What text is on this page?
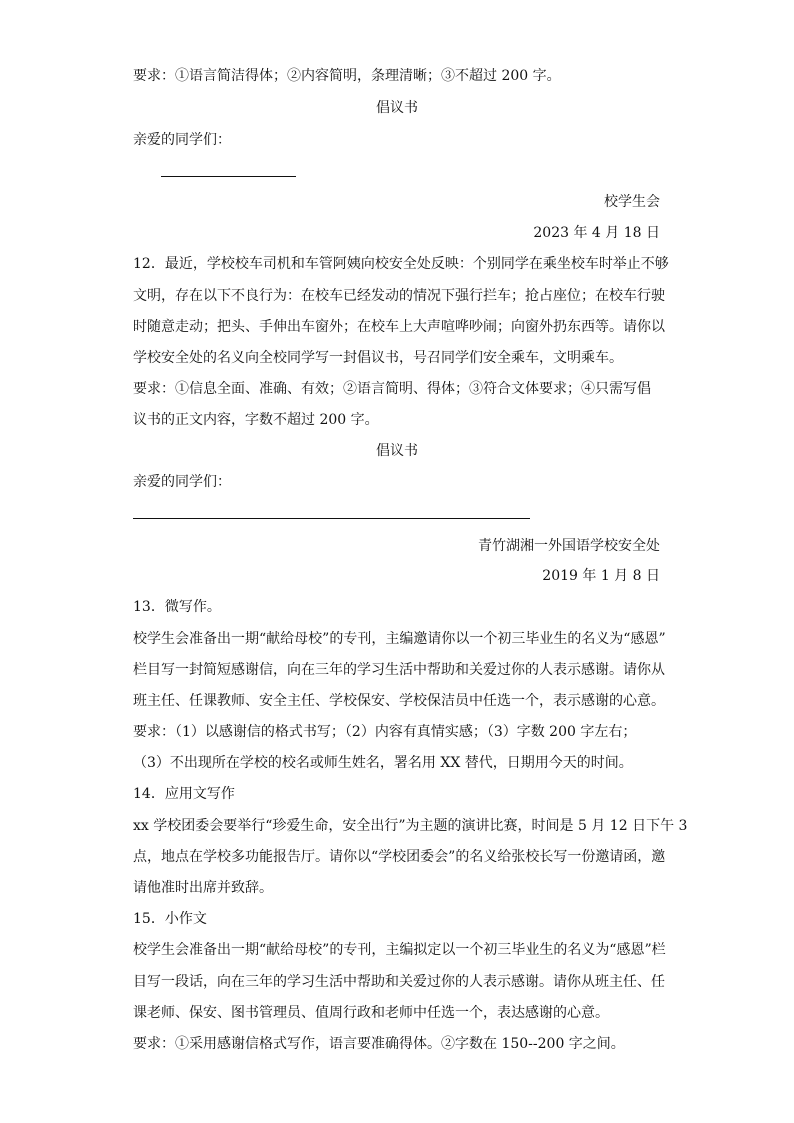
要求：①语言简洁得体；②内容简明，条理清晰；③不超过 200 字。
倡议书
亲爱的同学们：
校学生会
2023 年 4 月 18 日
12．最近，学校校车司机和车管阿姨向校安全处反映：个别同学在乘坐校车时举止不够
文明，存在以下不良行为：在校车已经发动的情况下强行拦车；抢占座位；在校车行驶
时随意走动；把头、手伸出车窗外；在校车上大声喧哗吵闹；向窗外扔东西等。请你以
学校安全处的名义向全校同学写一封倡议书，号召同学们安全乘车，文明乘车。
要求：①信息全面、准确、有效；②语言简明、得体；③符合文体要求；④只需写倡
议书的正文内容，字数不超过 200 字。
倡议书
亲爱的同学们：
青竹湖湘一外国语学校安全处
2019 年 1 月 8 日
13．微写作。
校学生会准备出一期“献给母校”的专刊，主编邀请你以一个初三毕业生的名义为“感恩”
栏目写一封简短感谢信，向在三年的学习生活中帮助和关爱过你的人表示感谢。请你从
班主任、任课教师、安全主任、学校保安、学校保洁员中任选一个，表示感谢的心意。
要求：（1）以感谢信的格式书写；（2）内容有真情实感；（3）字数 200 字左右；
（3）不出现所在学校的校名或师生姓名，署名用 XX 替代，日期用今天的时间。
14．应用文写作
xx 学校团委会要举行“珍爱生命，安全出行”为主题的演讲比赛，时间是 5 月 12 日下午 3
点，地点在学校多功能报告厅。请你以“学校团委会”的名义给张校长写一份邀请函，邀
请他准时出席并致辞。
15．小作文
校学生会准备出一期“献给母校”的专刊，主编拟定以一个初三毕业生的名义为“感恩”栏
目写一段话，向在三年的学习生活中帮助和关爱过你的人表示感谢。请你从班主任、任
课老师、保安、图书管理员、值周行政和老师中任选一个，表达感谢的心意。
要求：①采用感谢信格式写作，语言要准确得体。②字数在 150--200 字之间。
